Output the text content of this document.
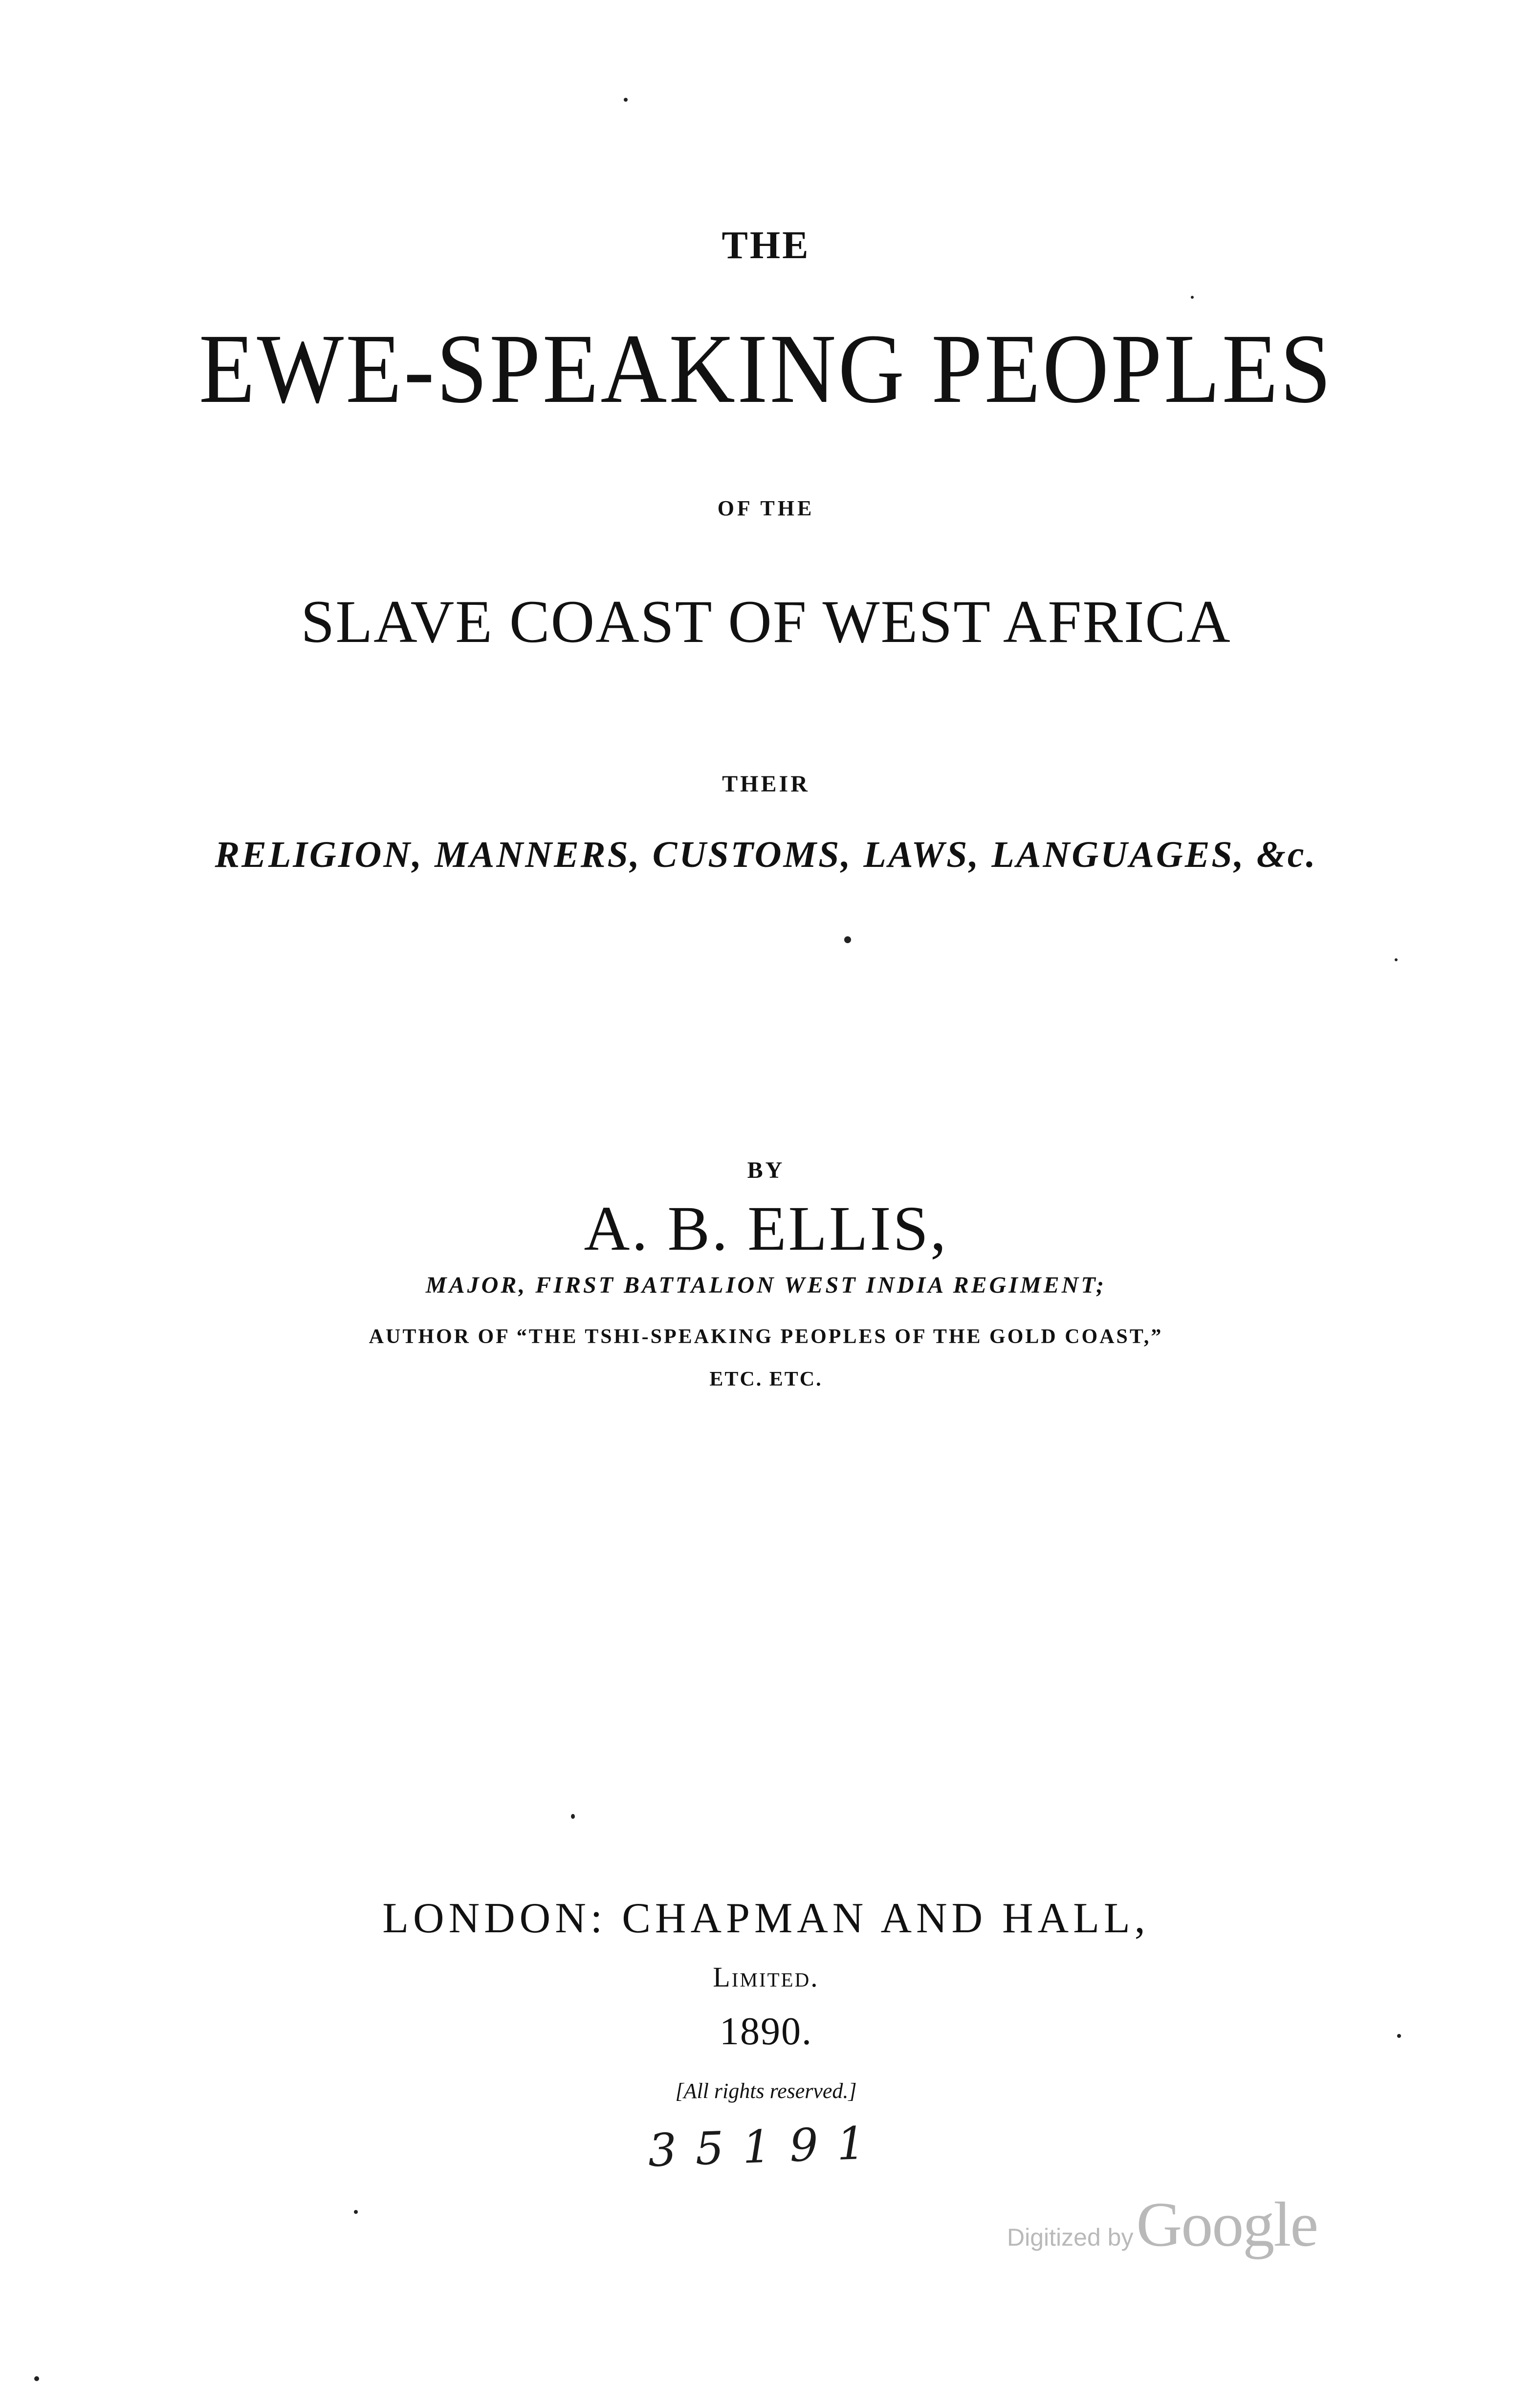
THE
EWE-SPEAKING PEOPLES
OF THE
SLAVE COAST OF WEST AFRICA
THEIR
RELIGION, MANNERS, CUSTOMS, LAWS, LANGUAGES, &c.
BY
A. B. ELLIS,
MAJOR, FIRST BATTALION WEST INDIA REGIMENT;
AUTHOR OF “THE TSHI-SPEAKING PEOPLES OF THE GOLD COAST,”
ETC. ETC.
LONDON: CHAPMAN AND HALL,
Limited.
1890.
[All rights reserved.]
35191
Digitized byGoogle
